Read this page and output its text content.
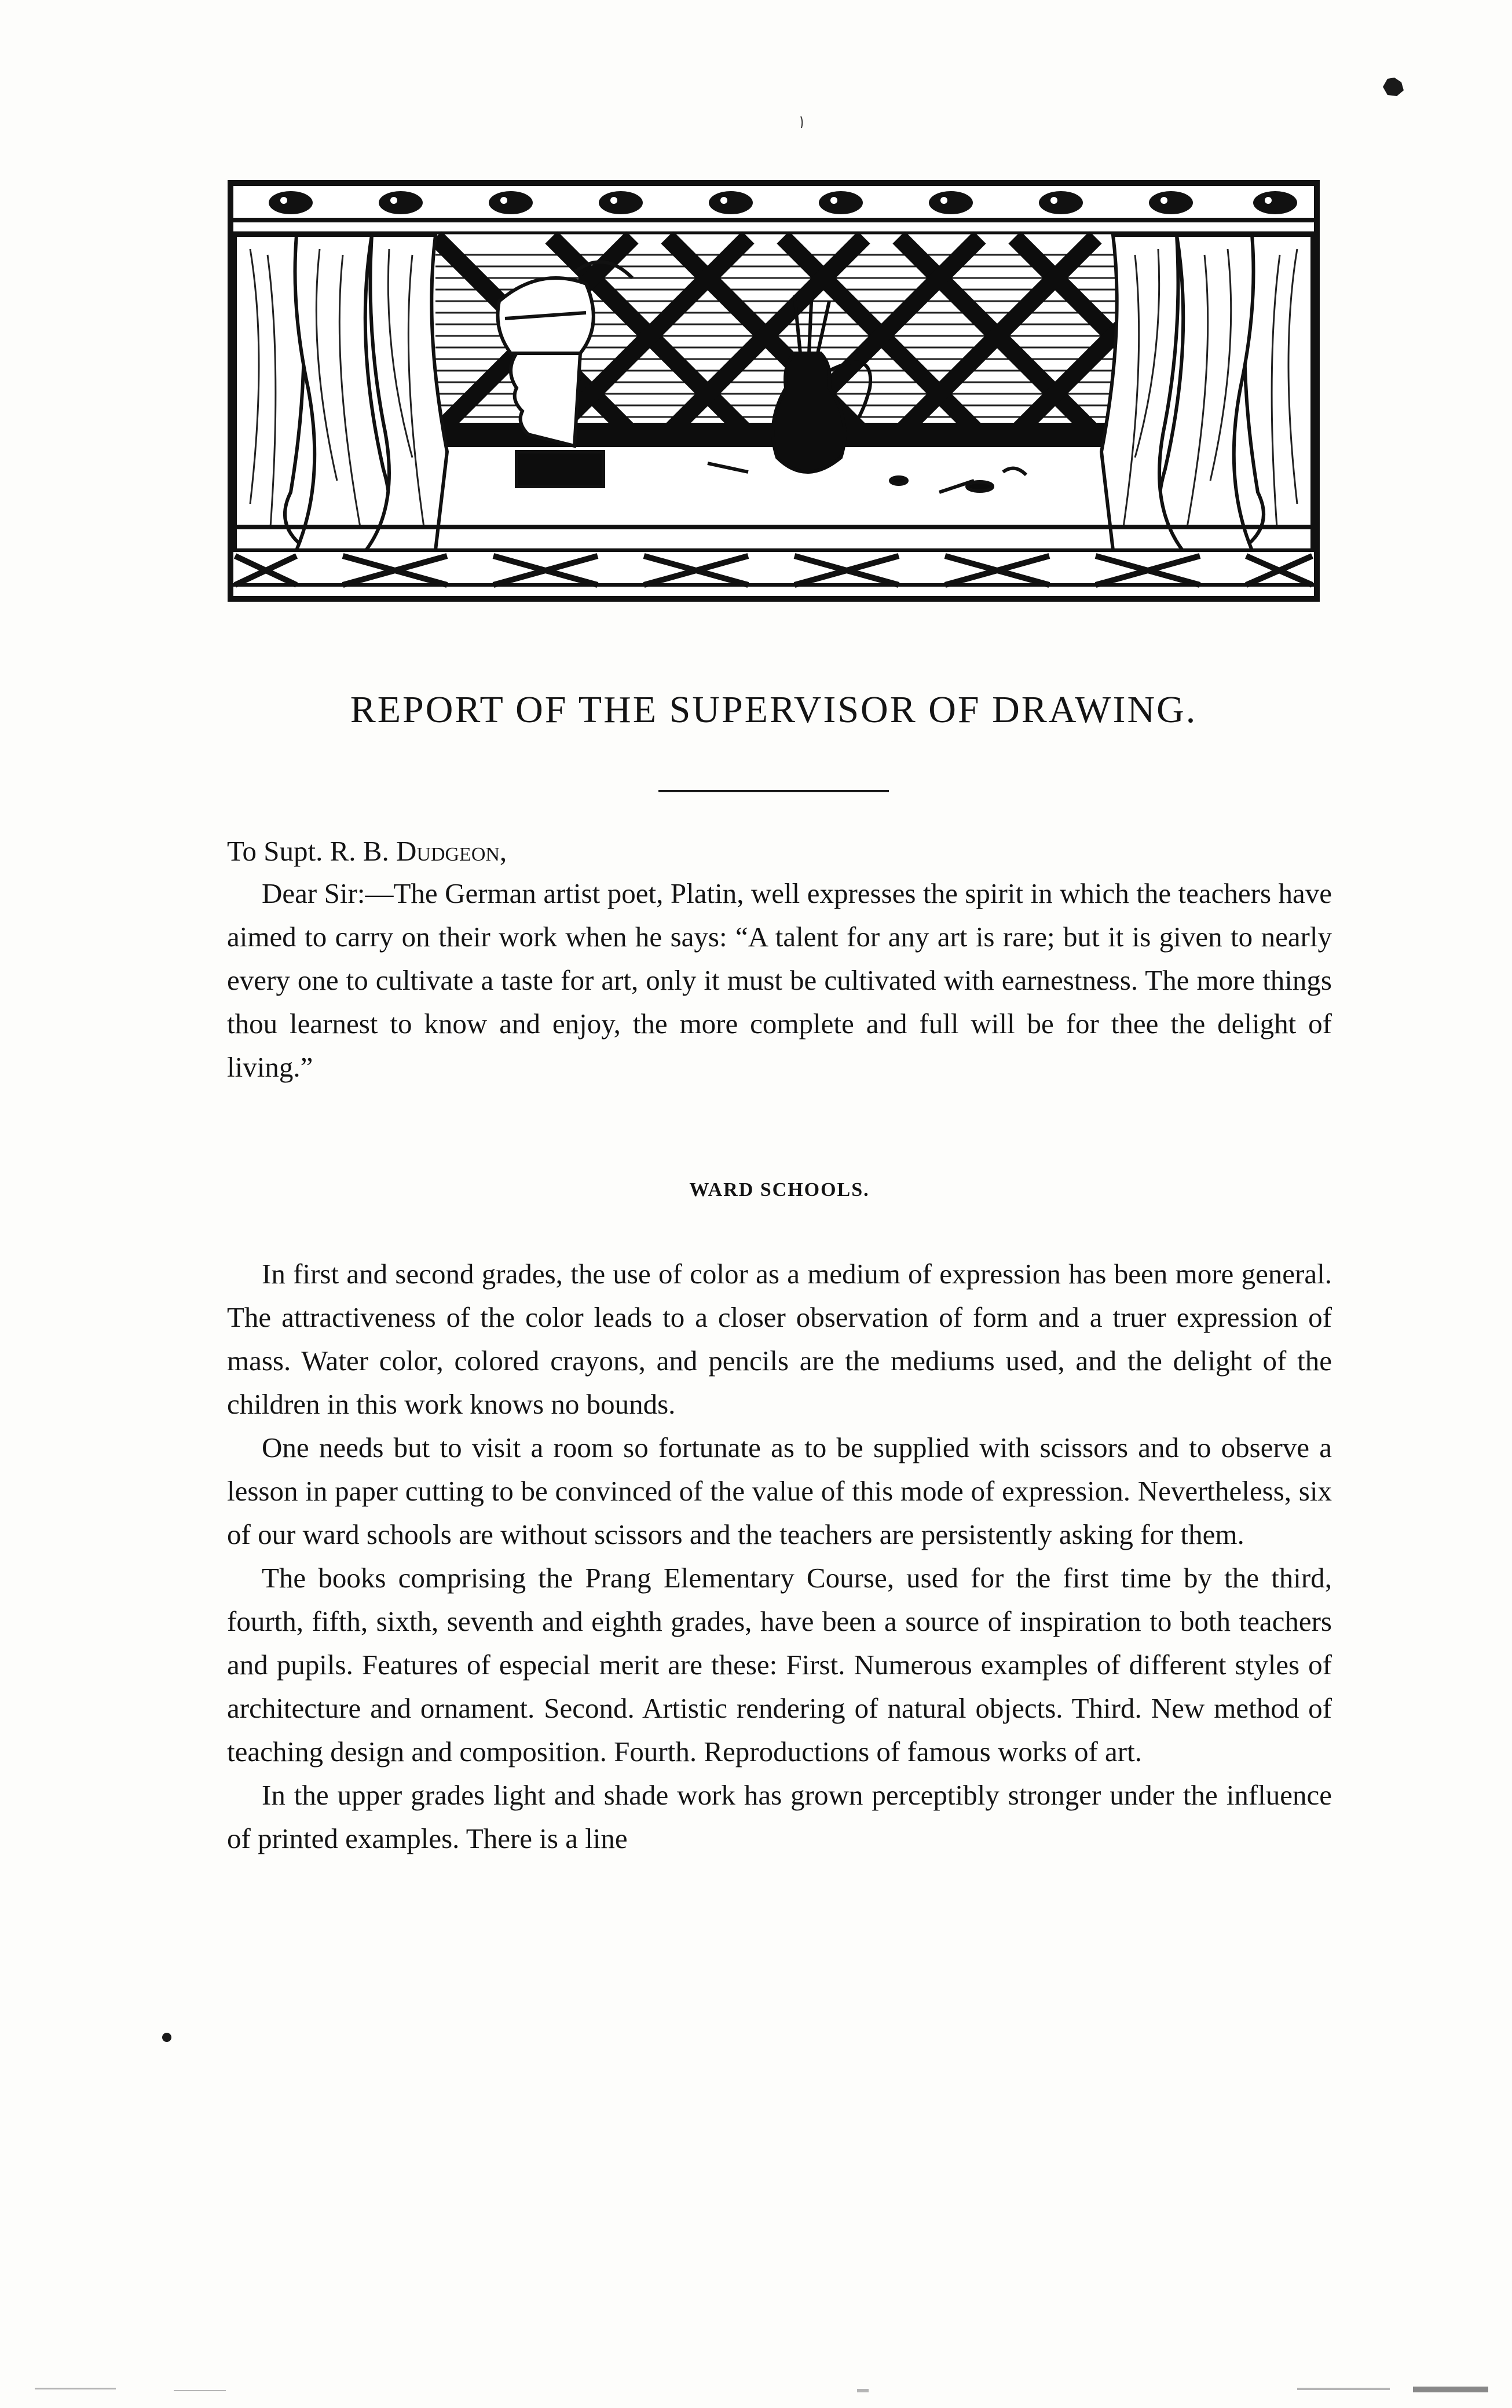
REPORT OF THE SUPERVISOR OF DRAWING.

To Supt. R. B. Dudgeon,

Dear Sir:—The German artist poet, Platin, well expresses the spirit in which the teachers have aimed to carry on their work when he says: “A talent for any art is rare; but it is given to nearly every one to cultivate a taste for art, only it must be cultivated with earnestness. The more things thou learnest to know and enjoy, the more complete and full will be for thee the delight of living.”

WARD SCHOOLS.

In first and second grades, the use of color as a medium of expression has been more general. The attractiveness of the color leads to a closer observation of form and a truer expression of mass. Water color, colored crayons, and pencils are the mediums used, and the delight of the children in this work knows no bounds.

One needs but to visit a room so fortunate as to be supplied with scissors and to observe a lesson in paper cutting to be convinced of the value of this mode of expression. Nevertheless, six of our ward schools are without scissors and the teachers are persistently asking for them.

The books comprising the Prang Elementary Course, used for the first time by the third, fourth, fifth, sixth, seventh and eighth grades, have been a source of inspiration to both teachers and pupils. Features of especial merit are these: First. Numerous examples of different styles of architecture and ornament. Second. Artistic rendering of natural objects. Third. New method of teaching design and composition. Fourth. Reproductions of famous works of art.

In the upper grades light and shade work has grown perceptibly stronger under the influence of printed examples. There is a line
